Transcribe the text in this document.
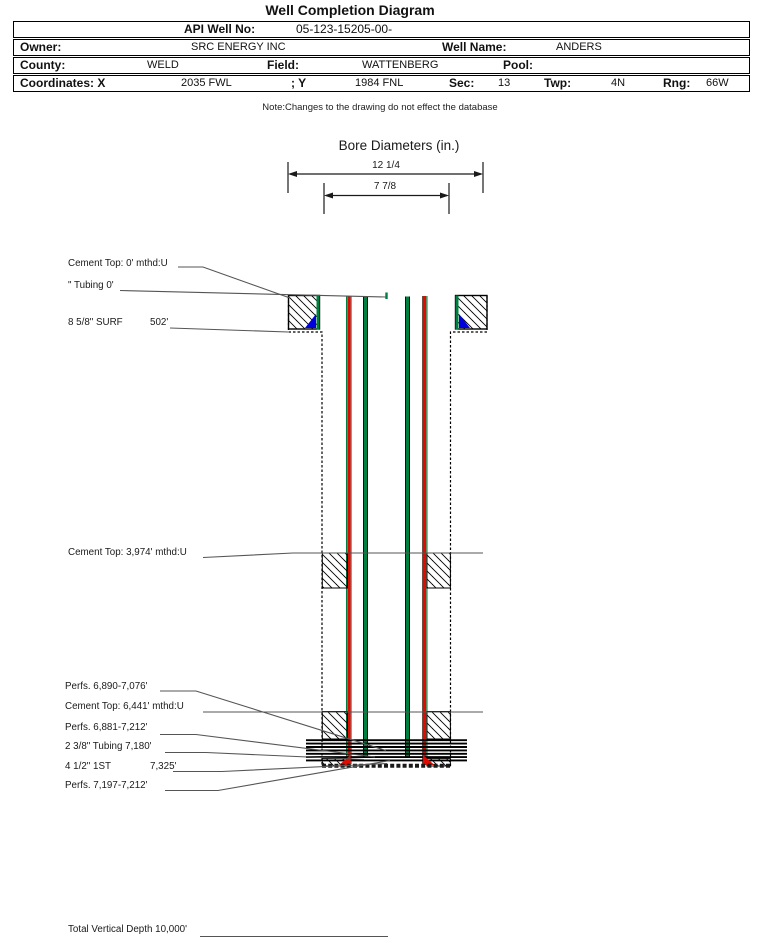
Well Completion Diagram
API Well No:	05-123-15205-00-
Owner:	SRC ENERGY INC	Well Name:	ANDERS
County:	WELD	Field:	WATTENBERG	Pool:
Coordinates: X	2035 FWL	; Y	1984 FNL	Sec: 13	Twp:	4N	Rng: 66W
Note:Changes to the drawing do not effect the database
Bore Diameters (in.)
12 1/4
7 7/8
Cement Top: 0' mthd:U
" Tubing 0'
8 5/8" SURF	502'
Cement Top: 3,974' mthd:U
Perfs. 6,890-7,076'
Cement Top: 6,441' mthd:U
Perfs. 6,881-7,212'
2 3/8" Tubing 7,180'
4 1/2" 1ST	7,325'
Perfs. 7,197-7,212'
Total Vertical Depth 10,000'
